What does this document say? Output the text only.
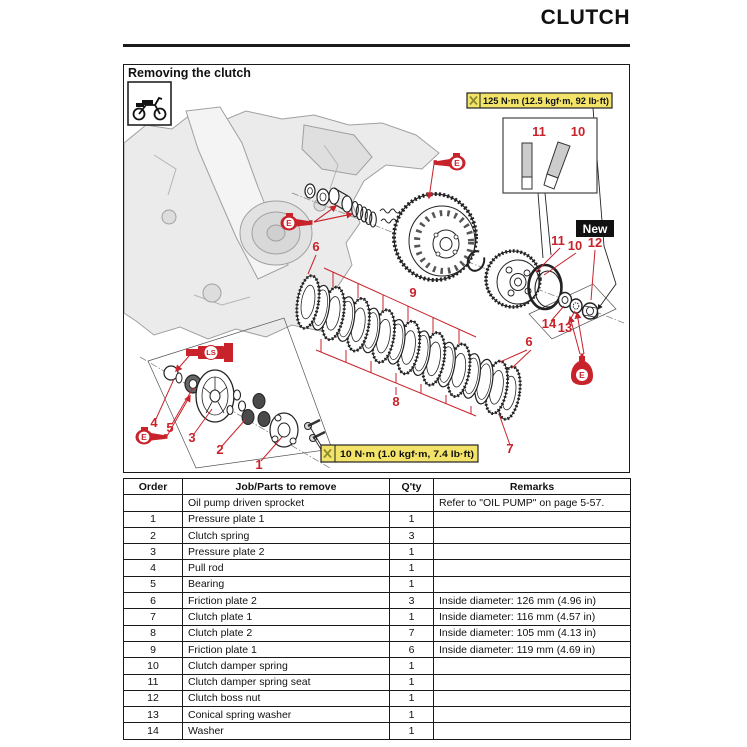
CLUTCH
Removing the clutch
125 N·m (12.5 kgf·m, 92 lb·ft)
10 N·m (1.0 kgf·m, 7.4 lb·ft)
New
E
E
E
E
LS
1
2
3
4 5
6
9
8
6
7
11 10 12
14 13
11 10
Order	Job/Parts to remove	Q'ty	Remarks
	Oil pump driven sprocket		Refer to "OIL PUMP" on page 5-57.
1	Pressure plate 1	1	
2	Clutch spring	3	
3	Pressure plate 2	1	
4	Pull rod	1	
5	Bearing	1	
6	Friction plate 2	3	Inside diameter: 126 mm (4.96 in)
7	Clutch plate 1	1	Inside diameter: 116 mm (4.57 in)
8	Clutch plate 2	7	Inside diameter: 105 mm (4.13 in)
9	Friction plate 1	6	Inside diameter: 119 mm (4.69 in)
10	Clutch damper spring	1	
11	Clutch damper spring seat	1	
12	Clutch boss nut	1	
13	Conical spring washer	1	
14	Washer	1	
